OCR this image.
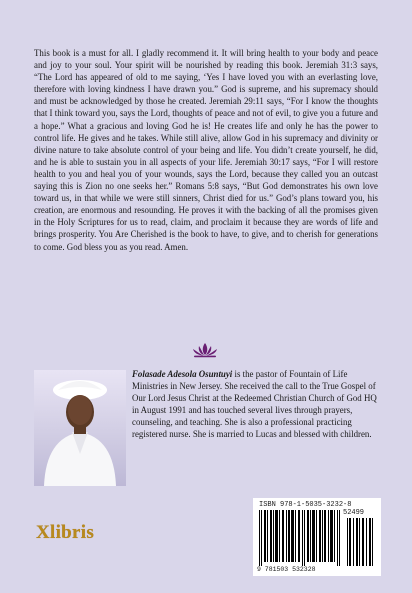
This book is a must for all. I gladly recommend it. It will bring health to your body and peace and joy to your soul. Your spirit will be nourished by reading this book. Jeremiah 31:3 says, “The Lord has appeared of old to me saying, ‘Yes I have loved you with an everlasting love, therefore with loving kindness I have drawn you.” God is supreme, and his supremacy should and must be acknowledged by those he created. Jeremiah 29:11 says, “For I know the thoughts that I think toward you, says the Lord, thoughts of peace and not of evil, to give you a future and a hope.” What a gracious and loving God he is! He creates life and only he has the power to control life. He gives and he takes. While still alive, allow God in his supremacy and divinity or divine nature to take absolute control of your being and life. You didn’t create yourself, he did, and he is able to sustain you in all aspects of your life. Jeremiah 30:17 says, “For I will restore health to you and heal you of your wounds, says the Lord, because they called you an outcast saying this is Zion no one seeks her.” Romans 5:8 says, “But God demonstrates his own love toward us, in that while we were still sinners, Christ died for us.” God’s plans toward you, his creation, are enormous and resounding. He proves it with the backing of all the promises given in the Holy Scriptures for us to read, claim, and proclaim it because they are words of life and brings prosperity. You Are Cherished is the book to have, to give, and to cherish for generations to come. God bless you as you read. Amen.

Folasade Adesola Osuntuyi is the pastor of Fountain of Life Ministries in New Jersey. She received the call to the True Gospel of Our Lord Jesus Christ at the Redeemed Christian Church of God HQ in August 1991 and has touched several lives through prayers, counseling, and teaching. She is also a professional practicing registered nurse. She is married to Lucas and blessed with children.

Xlibris
ISBN 978-1-5035-3232-8
52499
9 781503 532328
